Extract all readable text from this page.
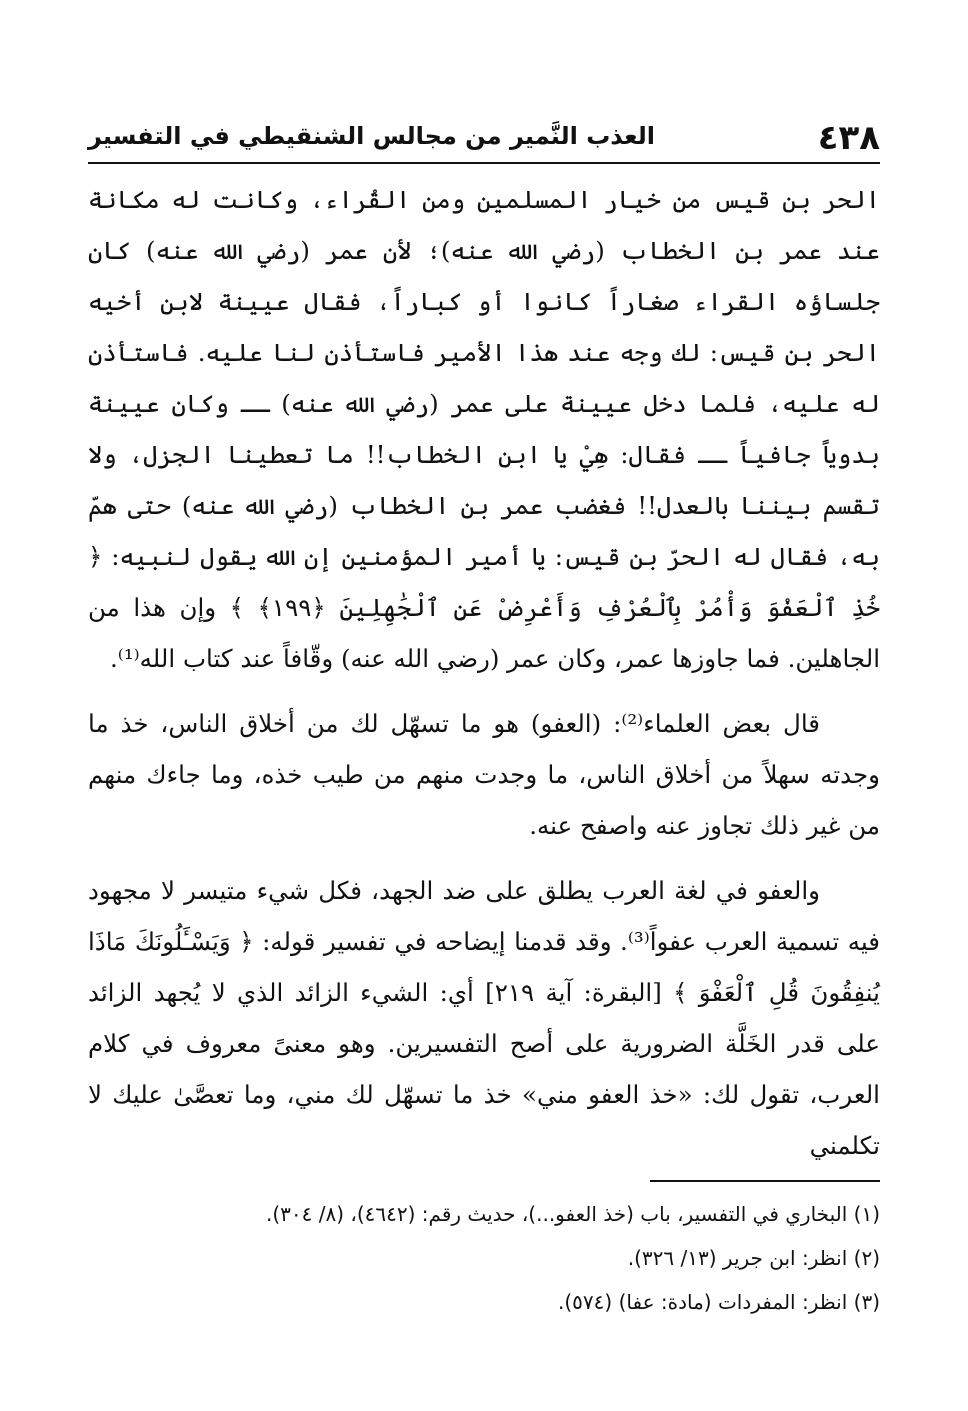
٤٣٨
العذب النَّمير من مجالس الشنقيطي في التفسير

الحر بن قيس من خيار المسلمين ومن القُراء، وكانت له مكانة عند عمر بن الخطاب (رضي الله عنه)؛ لأن عمر (رضي الله عنه) كان جلساؤه القراء صغاراً كانوا أو كباراً، فقال عيينة لابن أخيه الحر بن قيس: لك وجه عند هذا الأمير فاستأذن لنا عليه. فاستأذن له عليه، فلما دخل عيينة على عمر (رضي الله عنه) ــ وكان عيينة بدوياً جافياً ــ فقال: هِيْ يا ابن الخطاب!! ما تعطينا الجزل، ولا تقسم بيننا بالعدل!! فغضب عمر بن الخطاب (رضي الله عنه) حتى همّ به، فقال له الحرّ بن قيس: يا أمير المؤمنين إن الله يقول لنبيه: ﴿ خُذِ ٱلْعَفْوَ وَأْمُرْ بِٱلْعُرْفِ وَأَعْرِضْ عَنِ ٱلْجَٰهِلِينَ ﴿١٩٩﴾ ﴾ وإن هذا من الجاهلين. فما جاوزها عمر، وكان عمر (رضي الله عنه) وقّافاً عند كتاب الله⁽¹⁾.

قال بعض العلماء⁽²⁾: (العفو) هو ما تسهّل لك من أخلاق الناس، خذ ما وجدته سهلاً من أخلاق الناس، ما وجدت منهم من طيب خذه، وما جاءك منهم من غير ذلك تجاوز عنه واصفح عنه.

والعفو في لغة العرب يطلق على ضد الجهد، فكل شيء متيسر لا مجهود فيه تسمية العرب عفواً⁽³⁾. وقد قدمنا إيضاحه في تفسير قوله: ﴿ وَيَسْـَٔلُونَكَ مَاذَا يُنفِقُونَ قُلِ ٱلْعَفْوَ ﴾ [البقرة: آية ٢١٩] أي: الشيء الزائد الذي لا يُجهد الزائد على قدر الخَلَّة الضرورية على أصح التفسيرين. وهو معنىً معروف في كلام العرب، تقول لك: «خذ العفو مني» خذ ما تسهّل لك مني، وما تعصَّىٰ عليك لا تكلمني

(١) البخاري في التفسير، باب (خذ العفو...)، حديث رقم: (٤٦٤٢)، (٨/ ٣٠٤).
(٢) انظر: ابن جرير (١٣/ ٣٢٦).
(٣) انظر: المفردات (مادة: عفا) (٥٧٤).
